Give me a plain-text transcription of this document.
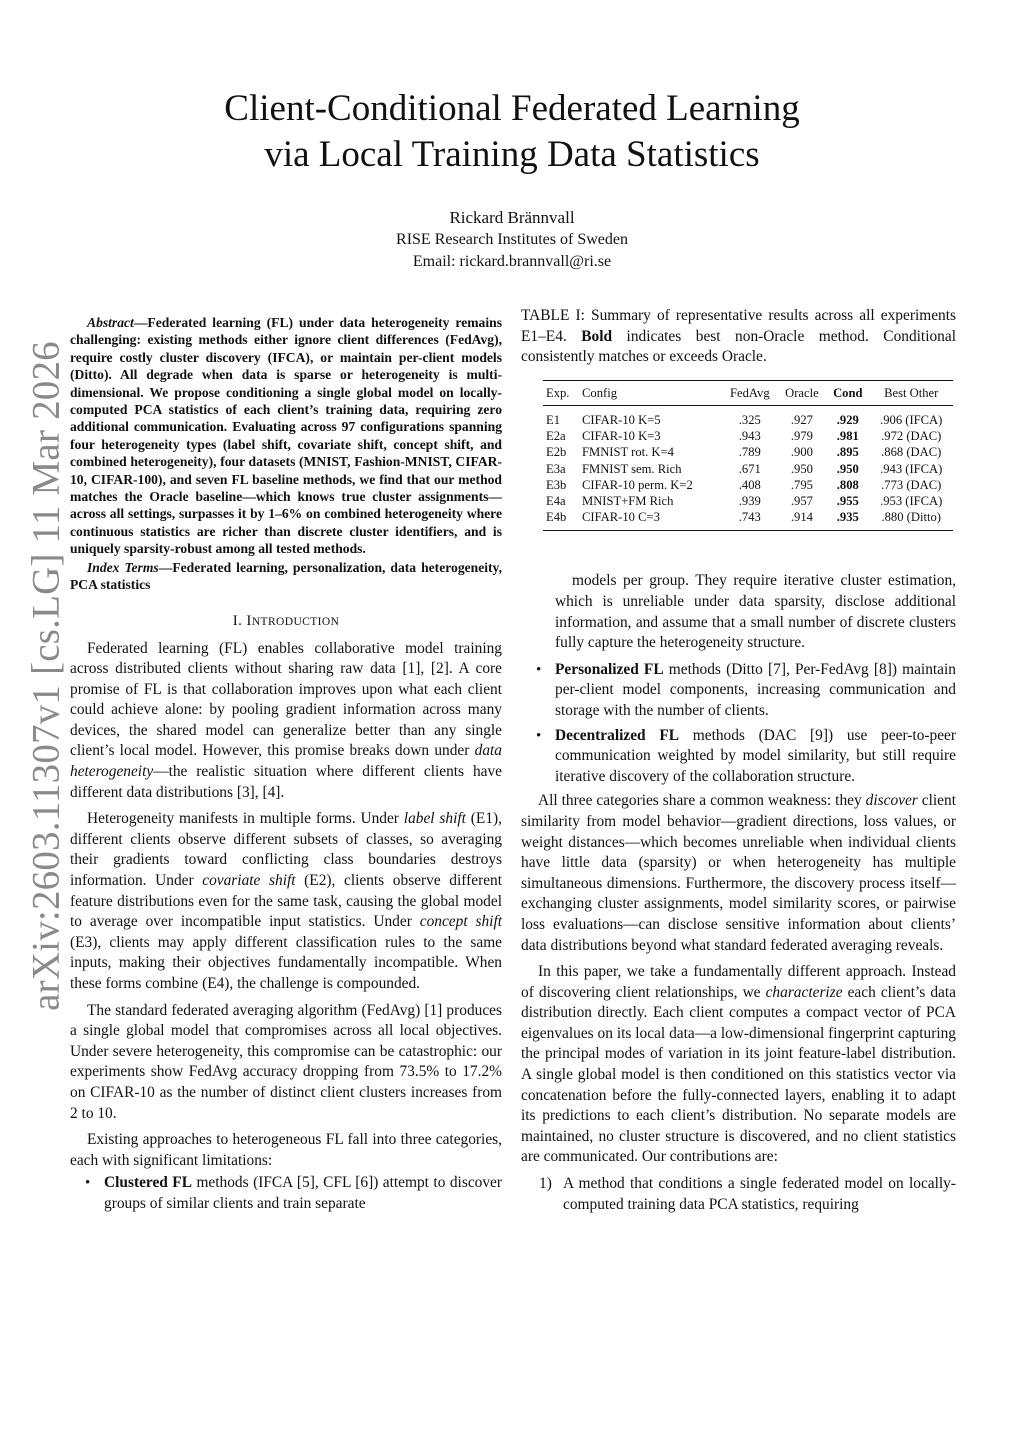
arXiv:2603.11307v1 [cs.LG] 11 Mar 2026
Client-Conditional Federated Learning
via Local Training Data Statistics
Rickard Brännvall
RISE Research Institutes of Sweden
Email: rickard.brannvall@ri.se

Abstract—Federated learning (FL) under data heterogeneity remains challenging: existing methods either ignore client differences (FedAvg), require costly cluster discovery (IFCA), or maintain per-client models (Ditto). All degrade when data is sparse or heterogeneity is multi-dimensional. We propose conditioning a single global model on locally-computed PCA statistics of each client’s training data, requiring zero additional communication. Evaluating across 97 configurations spanning four heterogeneity types (label shift, covariate shift, concept shift, and combined heterogeneity), four datasets (MNIST, Fashion-MNIST, CIFAR-10, CIFAR-100), and seven FL baseline methods, we find that our method matches the Oracle baseline—which knows true cluster assignments—across all settings, surpasses it by 1–6% on combined heterogeneity where continuous statistics are richer than discrete cluster identifiers, and is uniquely sparsity-robust among all tested methods.

Index Terms—Federated learning, personalization, data heterogeneity, PCA statistics

I. INTRODUCTION

Federated learning (FL) enables collaborative model training across distributed clients without sharing raw data [1], [2]. A core promise of FL is that collaboration improves upon what each client could achieve alone: by pooling gradient information across many devices, the shared model can generalize better than any single client’s local model. However, this promise breaks down under data heterogeneity—the realistic situation where different clients have different data distributions [3], [4].

Heterogeneity manifests in multiple forms. Under label shift (E1), different clients observe different subsets of classes, so averaging their gradients toward conflicting class boundaries destroys information. Under covariate shift (E2), clients observe different feature distributions even for the same task, causing the global model to average over incompatible input statistics. Under concept shift (E3), clients may apply different classification rules to the same inputs, making their objectives fundamentally incompatible. When these forms combine (E4), the challenge is compounded.

The standard federated averaging algorithm (FedAvg) [1] produces a single global model that compromises across all local objectives. Under severe heterogeneity, this compromise can be catastrophic: our experiments show FedAvg accuracy dropping from 73.5% to 17.2% on CIFAR-10 as the number of distinct client clusters increases from 2 to 10.

Existing approaches to heterogeneous FL fall into three categories, each with significant limitations:

• Clustered FL methods (IFCA [5], CFL [6]) attempt to discover groups of similar clients and train separate

TABLE I: Summary of representative results across all experiments E1–E4. Bold indicates best non-Oracle method. Conditional consistently matches or exceeds Oracle.

Exp.	Config	FedAvg	Oracle	Cond	Best Other
E1	CIFAR-10 K=5	.325	.927	.929	.906 (IFCA)
E2a	CIFAR-10 K=3	.943	.979	.981	.972 (DAC)
E2b	FMNIST rot. K=4	.789	.900	.895	.868 (DAC)
E3a	FMNIST sem. Rich	.671	.950	.950	.943 (IFCA)
E3b	CIFAR-10 perm. K=2	.408	.795	.808	.773 (DAC)
E4a	MNIST+FM Rich	.939	.957	.955	.953 (IFCA)
E4b	CIFAR-10 C=3	.743	.914	.935	.880 (Ditto)

models per group. They require iterative cluster estimation, which is unreliable under data sparsity, disclose additional information, and assume that a small number of discrete clusters fully capture the heterogeneity structure.

• Personalized FL methods (Ditto [7], Per-FedAvg [8]) maintain per-client model components, increasing communication and storage with the number of clients.
• Decentralized FL methods (DAC [9]) use peer-to-peer communication weighted by model similarity, but still require iterative discovery of the collaboration structure.

All three categories share a common weakness: they discover client similarity from model behavior—gradient directions, loss values, or weight distances—which becomes unreliable when individual clients have little data (sparsity) or when heterogeneity has multiple simultaneous dimensions. Furthermore, the discovery process itself—exchanging cluster assignments, model similarity scores, or pairwise loss evaluations—can disclose sensitive information about clients’ data distributions beyond what standard federated averaging reveals.

In this paper, we take a fundamentally different approach. Instead of discovering client relationships, we characterize each client’s data distribution directly. Each client computes a compact vector of PCA eigenvalues on its local data—a low-dimensional fingerprint capturing the principal modes of variation in its joint feature-label distribution. A single global model is then conditioned on this statistics vector via concatenation before the fully-connected layers, enabling it to adapt its predictions to each client’s distribution. No separate models are maintained, no cluster structure is discovered, and no client statistics are communicated. Our contributions are:

1) A method that conditions a single federated model on locally-computed training data PCA statistics, requiring
